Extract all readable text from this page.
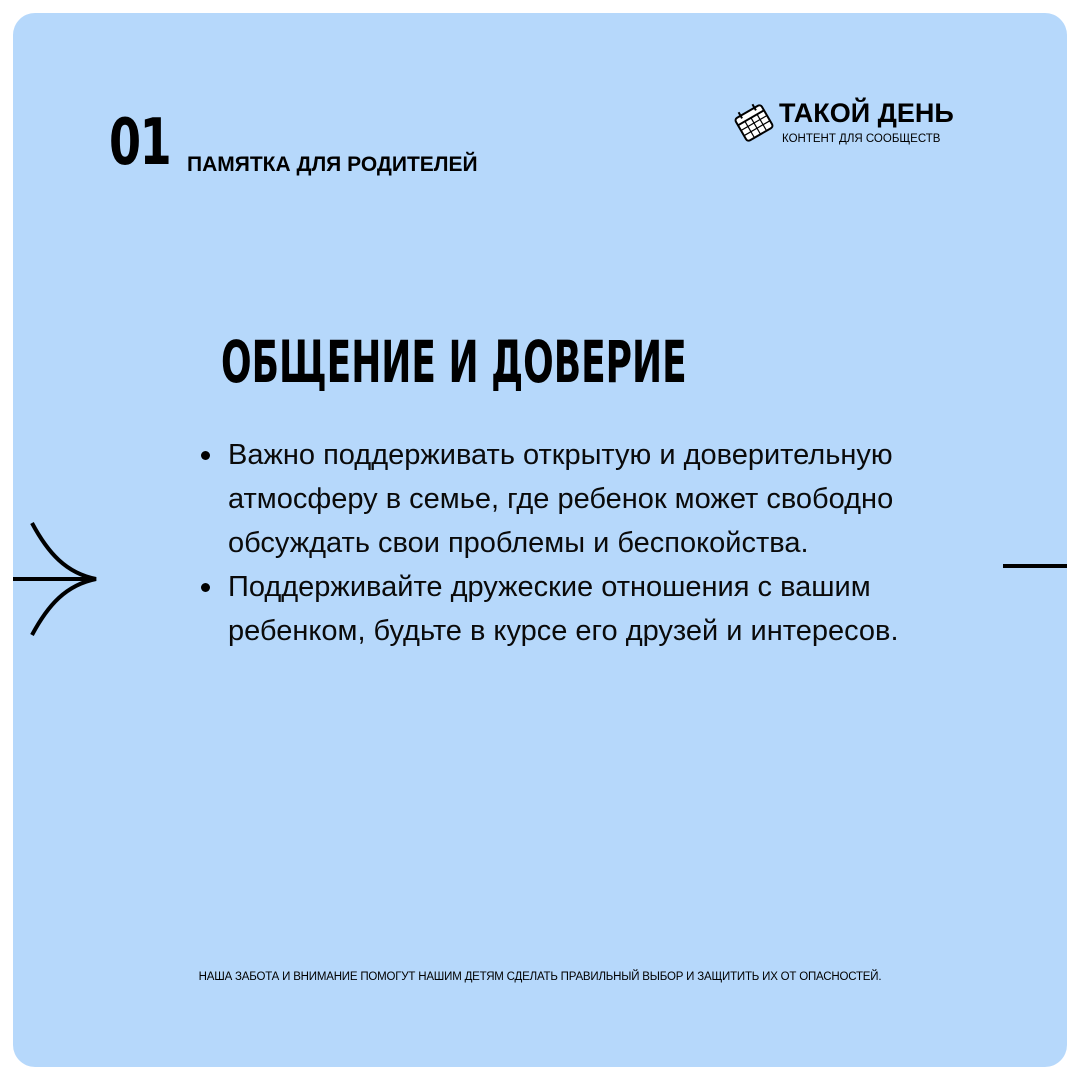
01 ПАМЯТКА ДЛЯ РОДИТЕЛЕЙ
ТАКОЙ ДЕНЬ
КОНТЕНТ ДЛЯ СООБЩЕСТВ
ОБЩЕНИЕ И ДОВЕРИЕ
Важно поддерживать открытую и доверительную атмосферу в семье, где ребенок может свободно обсуждать свои проблемы и беспокойства.
Поддерживайте дружеские отношения с вашим ребенком, будьте в курсе его друзей и интересов.
НАША ЗАБОТА И ВНИМАНИЕ ПОМОГУТ НАШИМ ДЕТЯМ СДЕЛАТЬ ПРАВИЛЬНЫЙ ВЫБОР И ЗАЩИТИТЬ ИХ ОТ ОПАСНОСТЕЙ.
